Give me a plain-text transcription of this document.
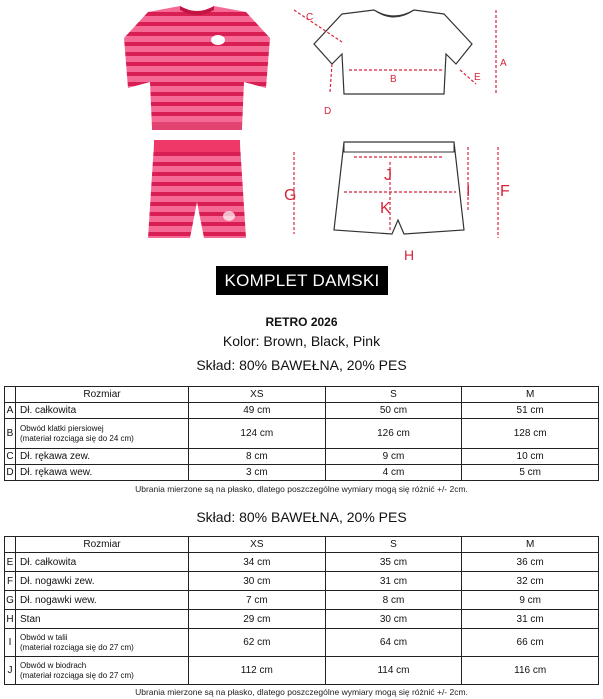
C
B
A
E
D
G
J
K
I F
H
KOMPLET DAMSKI
RETRO 2026
Kolor: Brown, Black, Pink
Skład: 80% BAWEŁNA, 20% PES
	Rozmiar	XS	S	M
A	Dł. całkowita	49 cm	50 cm	51 cm
B	Obwód klatki piersiowej
(materiał rozciąga się do 24 cm)	124 cm	126 cm	128 cm
C	Dł. rękawa zew.	8 cm	9 cm	10 cm
D	Dł. rękawa wew.	3 cm	4 cm	5 cm
Ubrania mierzone są na płasko, dlatego poszczególne wymiary mogą się różnić +/- 2cm.
Skład: 80% BAWEŁNA, 20% PES
	Rozmiar	XS	S	M
E	Dł. całkowita	34 cm	35 cm	36 cm
F	Dł. nogawki zew.	30 cm	31 cm	32 cm
G	Dł. nogawki wew.	7 cm	8 cm	9 cm
H	Stan	29 cm	30 cm	31 cm
I	Obwód w talii
(materiał rozciąga się do 27 cm)	62 cm	64 cm	66 cm
J	Obwód w biodrach
(materiał rozciąga się do 27 cm)	112 cm	114 cm	116 cm
Ubrania mierzone są na płasko, dlatego poszczególne wymiary mogą się różnić +/- 2cm.
